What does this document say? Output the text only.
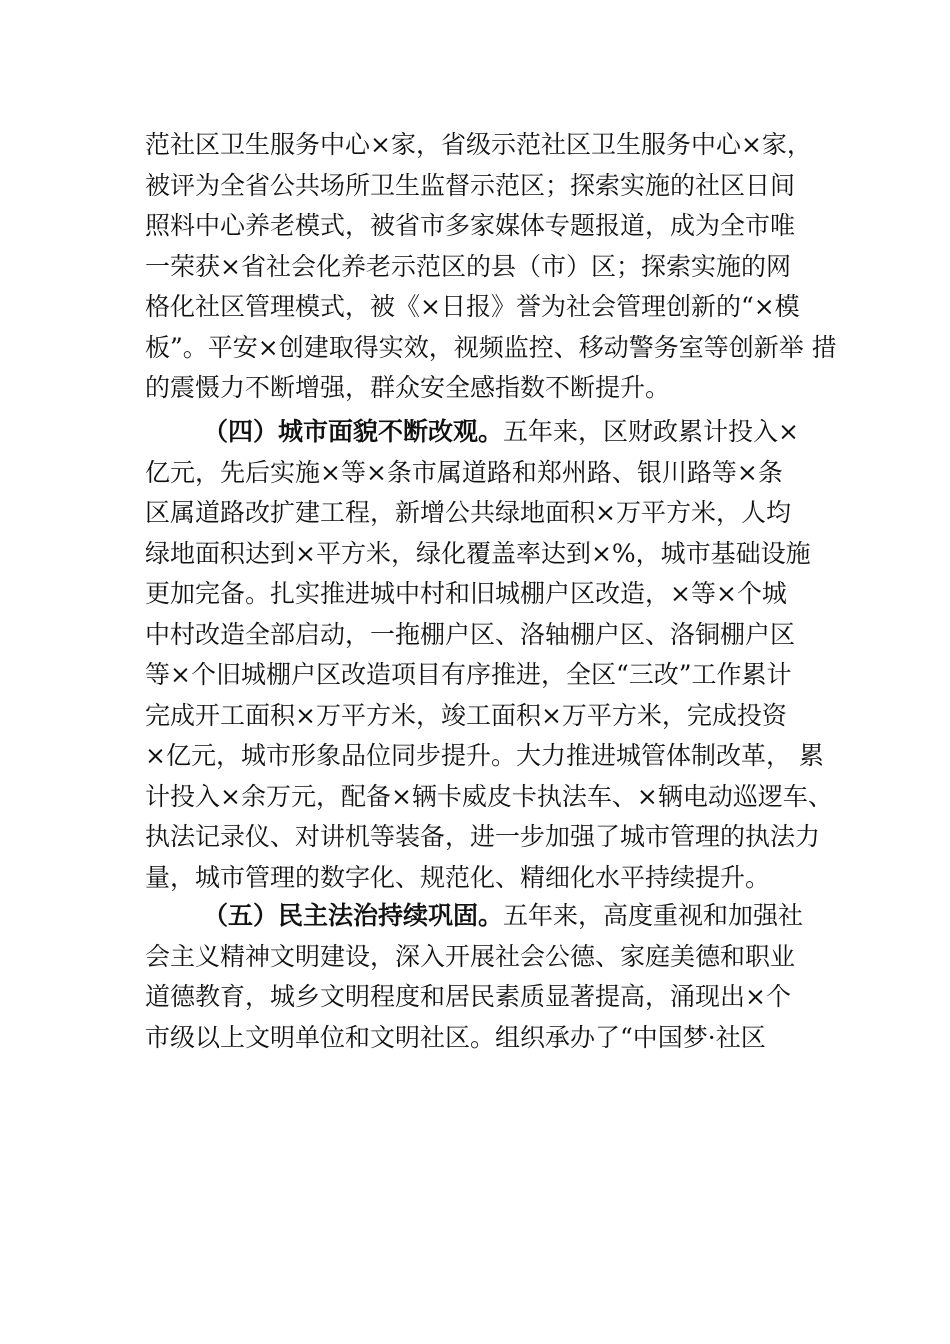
范社区卫生服务中心×家，省级示范社区卫生服务中心×家，
被评为全省公共场所卫生监督示范区；探索实施的社区日间
照料中心养老模式，被省市多家媒体专题报道，成为全市唯
一荣获×省社会化养老示范区的县（市）区；探索实施的网
格化社区管理模式，被《×日报》誉为社会管理创新的“×模
板”。平安×创建取得实效，视频监控、移动警务室等创新举 措
的震慑力不断增强，群众安全感指数不断提升。
（四）城市面貌不断改观。五年来，区财政累计投入×
亿元，先后实施×等×条市属道路和郑州路、银川路等×条
区属道路改扩建工程，新增公共绿地面积×万平方米，人均
绿地面积达到×平方米，绿化覆盖率达到×%，城市基础设施
更加完备。扎实推进城中村和旧城棚户区改造，×等×个城
中村改造全部启动，一拖棚户区、洛轴棚户区、洛铜棚户区
等×个旧城棚户区改造项目有序推进，全区“三改”工作累计
完成开工面积×万平方米，竣工面积×万平方米，完成投资
×亿元，城市形象品位同步提升。大力推进城管体制改革， 累
计投入×余万元，配备×辆卡威皮卡执法车、×辆电动巡逻车、
执法记录仪、对讲机等装备，进一步加强了城市管理的执法力
量，城市管理的数字化、规范化、精细化水平持续提升。
（五）民主法治持续巩固。五年来，高度重视和加强社
会主义精神文明建设，深入开展社会公德、家庭美德和职业
道德教育，城乡文明程度和居民素质显著提高，涌现出×个
市级以上文明单位和文明社区。组织承办了“中国梦·社区
